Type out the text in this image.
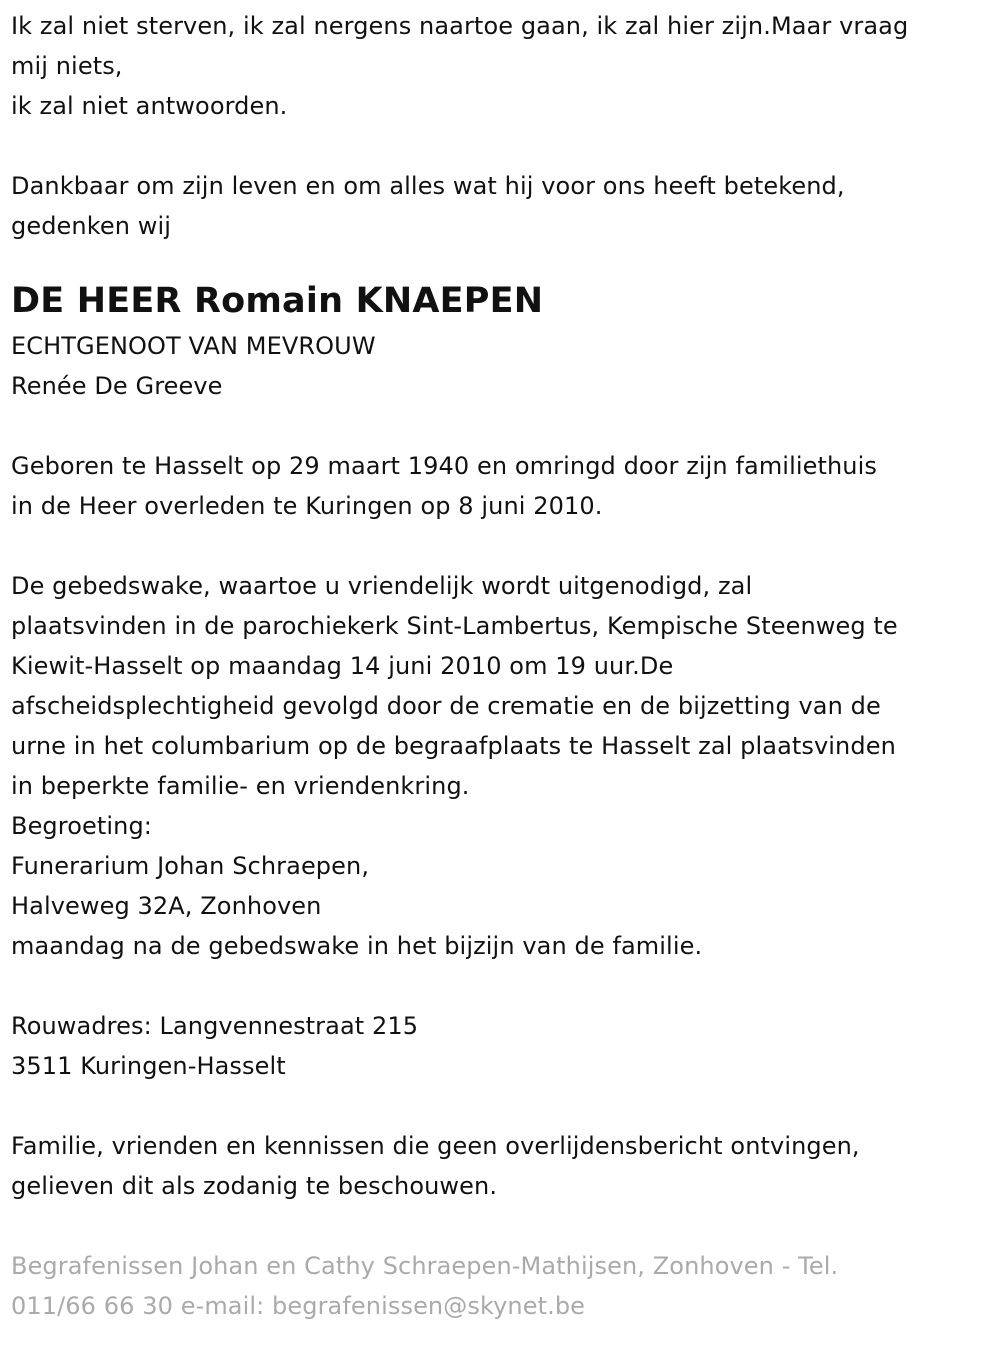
Ik zal niet sterven, ik zal nergens naartoe gaan, ik zal hier zijn.Maar vraag
mij niets,
ik zal niet antwoorden.

Dankbaar om zijn leven en om alles wat hij voor ons heeft betekend,
gedenken wij

DE HEER Romain KNAEPEN

ECHTGENOOT VAN MEVROUW
Renée De Greeve

Geboren te Hasselt op 29 maart 1940 en omringd door zijn familiethuis
in de Heer overleden te Kuringen op 8 juni 2010.

De gebedswake, waartoe u vriendelijk wordt uitgenodigd, zal
plaatsvinden in de parochiekerk Sint-Lambertus, Kempische Steenweg te
Kiewit-Hasselt op maandag 14 juni 2010 om 19 uur.De
afscheidsplechtigheid gevolgd door de crematie en de bijzetting van de
urne in het columbarium op de begraafplaats te Hasselt zal plaatsvinden
in beperkte familie- en vriendenkring.
Begroeting:
Funerarium Johan Schraepen,
Halveweg 32A, Zonhoven
maandag na de gebedswake in het bijzijn van de familie.

Rouwadres: Langvennestraat 215
3511 Kuringen-Hasselt

Familie, vrienden en kennissen die geen overlijdensbericht ontvingen,
gelieven dit als zodanig te beschouwen.

Begrafenissen Johan en Cathy Schraepen-Mathijsen, Zonhoven - Tel.
011/66 66 30 e-mail: begrafenissen@skynet.be
